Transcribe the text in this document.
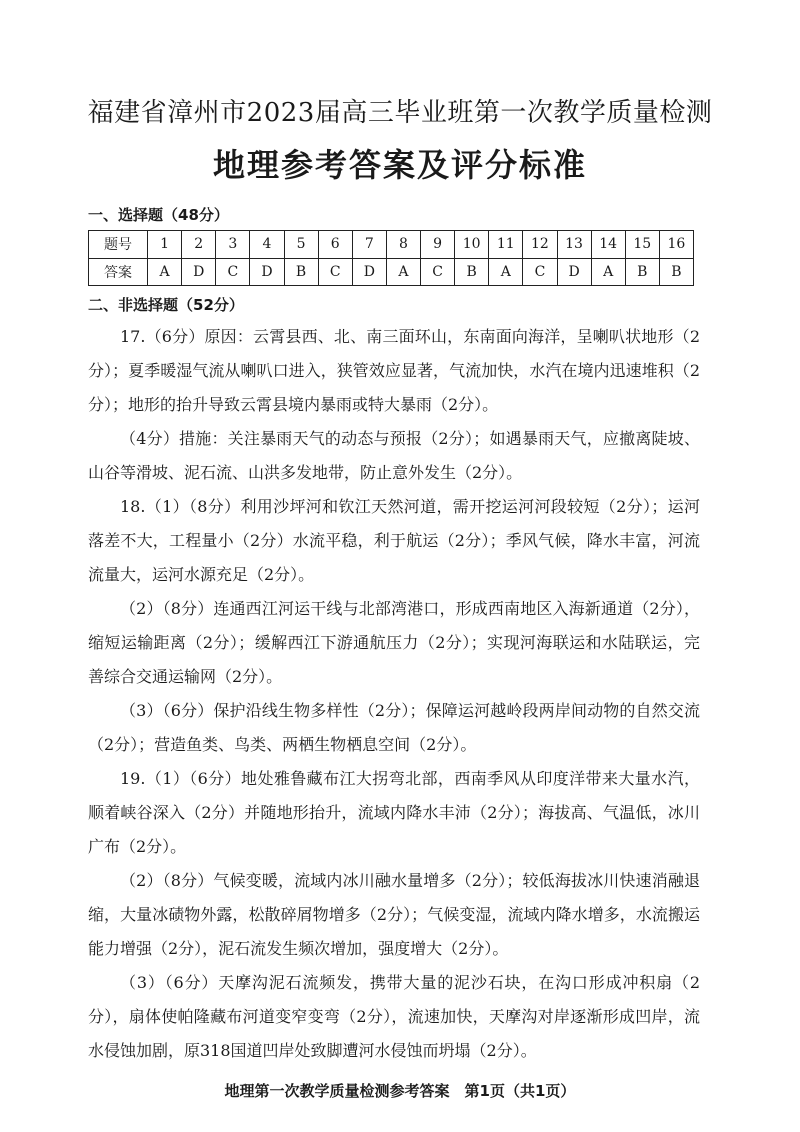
福建省漳州市2023届高三毕业班第一次教学质量检测
地理参考答案及评分标准
一、选择题（48分）
题号	1	2	3	4	5	6	7	8	9	10	11	12	13	14	15	16
答案	A	D	C	D	B	C	D	A	C	B	A	C	D	A	B	B
二、非选择题（52分）
17.（6分）原因：云霄县西、北、南三面环山，东南面向海洋，呈喇叭状地形（2分）；夏季暖湿气流从喇叭口进入，狭管效应显著，气流加快，水汽在境内迅速堆积（2分）；地形的抬升导致云霄县境内暴雨或特大暴雨（2分）。
（4分）措施：关注暴雨天气的动态与预报（2分）；如遇暴雨天气，应撤离陡坡、山谷等滑坡、泥石流、山洪多发地带，防止意外发生（2分）。
18.（1）（8分）利用沙坪河和钦江天然河道，需开挖运河河段较短（2分）；运河落差不大，工程量小（2分）水流平稳，利于航运（2分）；季风气候，降水丰富，河流流量大，运河水源充足（2分）。
（2）（8分）连通西江河运干线与北部湾港口，形成西南地区入海新通道（2分），缩短运输距离（2分）；缓解西江下游通航压力（2分）；实现河海联运和水陆联运，完善综合交通运输网（2分）。
（3）（6分）保护沿线生物多样性（2分）；保障运河越岭段两岸间动物的自然交流（2分）；营造鱼类、鸟类、两栖生物栖息空间（2分）。
19.（1）（6分）地处雅鲁藏布江大拐弯北部，西南季风从印度洋带来大量水汽，顺着峡谷深入（2分）并随地形抬升，流域内降水丰沛（2分）；海拔高、气温低，冰川广布（2分）。
（2）（8分）气候变暖，流域内冰川融水量增多（2分）；较低海拔冰川快速消融退缩，大量冰碛物外露，松散碎屑物增多（2分）；气候变湿，流域内降水增多，水流搬运能力增强（2分），泥石流发生频次增加，强度增大（2分）。
（3）（6分）天摩沟泥石流频发，携带大量的泥沙石块，在沟口形成冲积扇（2分），扇体使帕隆藏布河道变窄变弯（2分），流速加快，天摩沟对岸逐渐形成凹岸，流水侵蚀加剧，原318国道凹岸处致脚遭河水侵蚀而坍塌（2分）。
地理第一次教学质量检测参考答案　第1页（共1页）
